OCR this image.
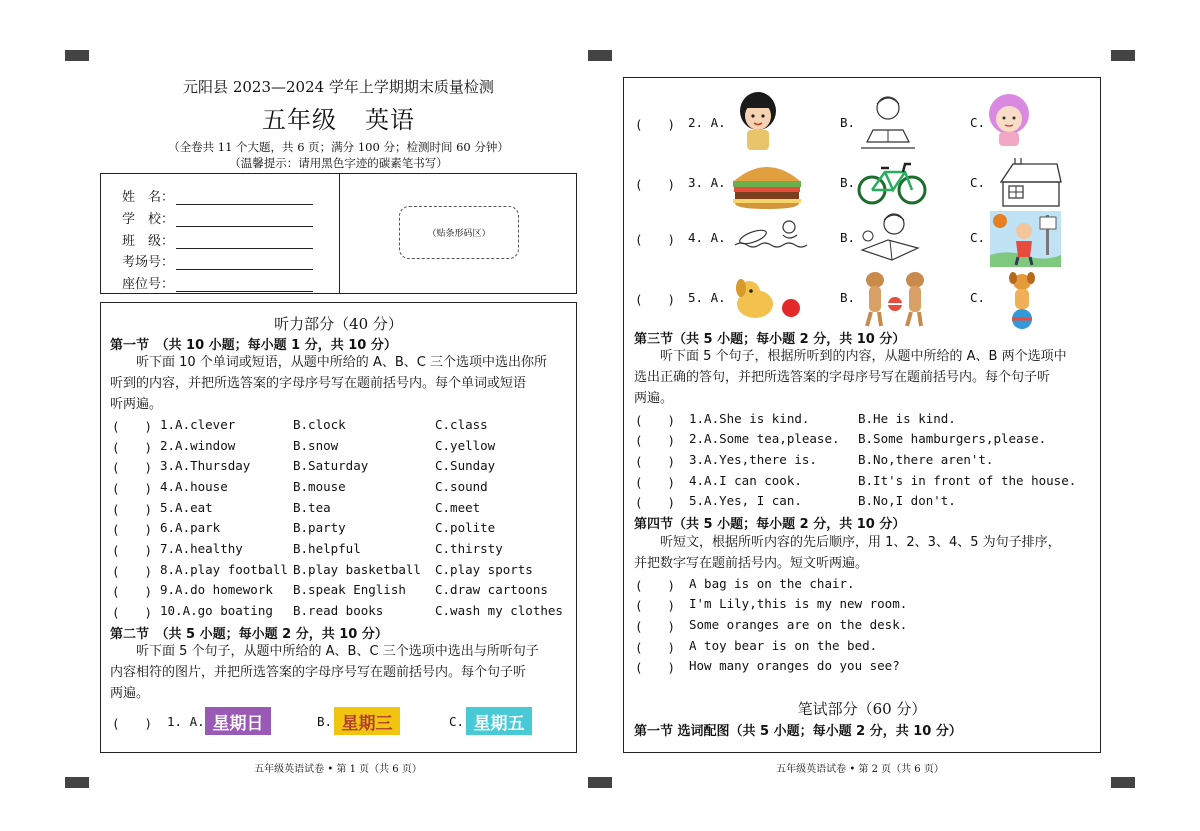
元阳县 2023—2024 学年上学期期末质量检测
五年级 英语
（全卷共 11 个大题，共 6 页；满分 100 分；检测时间 60 分钟）
（温馨提示：请用黑色字迹的碳素笔书写）
姓　名：
学　校：
班　级：
考场号：
座位号：
（贴条形码区）
听力部分（40 分）
第一节　（共 10 小题；每小题 1 分，共 10 分）
　　听下面 10 个单词或短语，从题中所给的 A、B、C 三个选项中选出你所
听到的内容，并把所选答案的字母序号写在题前括号内。每个单词或短语
听两遍。
(　　) 1.A.clever	B.clock	C.class
(　　) 2.A.window	B.snow	C.yellow
(　　) 3.A.Thursday	B.Saturday	C.Sunday
(　　) 4.A.house	B.mouse	C.sound
(　　) 5.A.eat	B.tea	C.meet
(　　) 6.A.park	B.party	C.polite
(　　) 7.A.healthy	B.helpful	C.thirsty
(　　) 8.A.play football B.play basketball C.play sports
(　　) 9.A.do homework B.speak English C.draw cartoons
(　　) 10.A.go boating B.read books	C.wash my clothes
第二节　（共 5 小题；每小题 2 分，共 10 分）
　　听下面 5 个句子，从题中所给的 A、B、C 三个选项中选出与所听句子
内容相符的图片，并把所选答案的字母序号写在题前括号内。每个句子听
两遍。
(　　) 1. A.	B.	C.
星期日	星期三	星期五
五年级英语试卷 • 第 1 页（共 6 页）
(　　) 2. A.	B.	C.
(　　) 3. A.	B.	C.
(　　) 4. A.	B.	C.
(　　) 5. A.	B.	C.
第三节（共 5 小题；每小题 2 分，共 10 分）
　　听下面 5 个句子，根据所听到的内容，从题中所给的 A、B 两个选项中
选出正确的答句，并把所选答案的字母序号写在题前括号内。每个句子听
两遍。
(　　) 1.A.She is kind.	B.He is kind.
(　　) 2.A.Some tea,please. B.Some hamburgers,please.
(　　) 3.A.Yes,there is.	B.No,there aren't.
(　　) 4.A.I can cook.	B.It's in front of the house.
(　　) 5.A.Yes, I can.	B.No,I don't.
第四节（共 5 小题；每小题 2 分，共 10 分）
　　听短文，根据所听内容的先后顺序，用 1、2、3、4、5 为句子排序，
并把数字写在题前括号内。短文听两遍。
(　　) A bag is on the chair.
(　　) I'm Lily,this is my new room.
(　　) Some oranges are on the desk.
(　　) A toy bear is on the bed.
(　　) How many oranges do you see?
笔试部分（60 分）
第一节 选词配图（共 5 小题；每小题 2 分，共 10 分）
五年级英语试卷 • 第 2 页（共 6 页）
